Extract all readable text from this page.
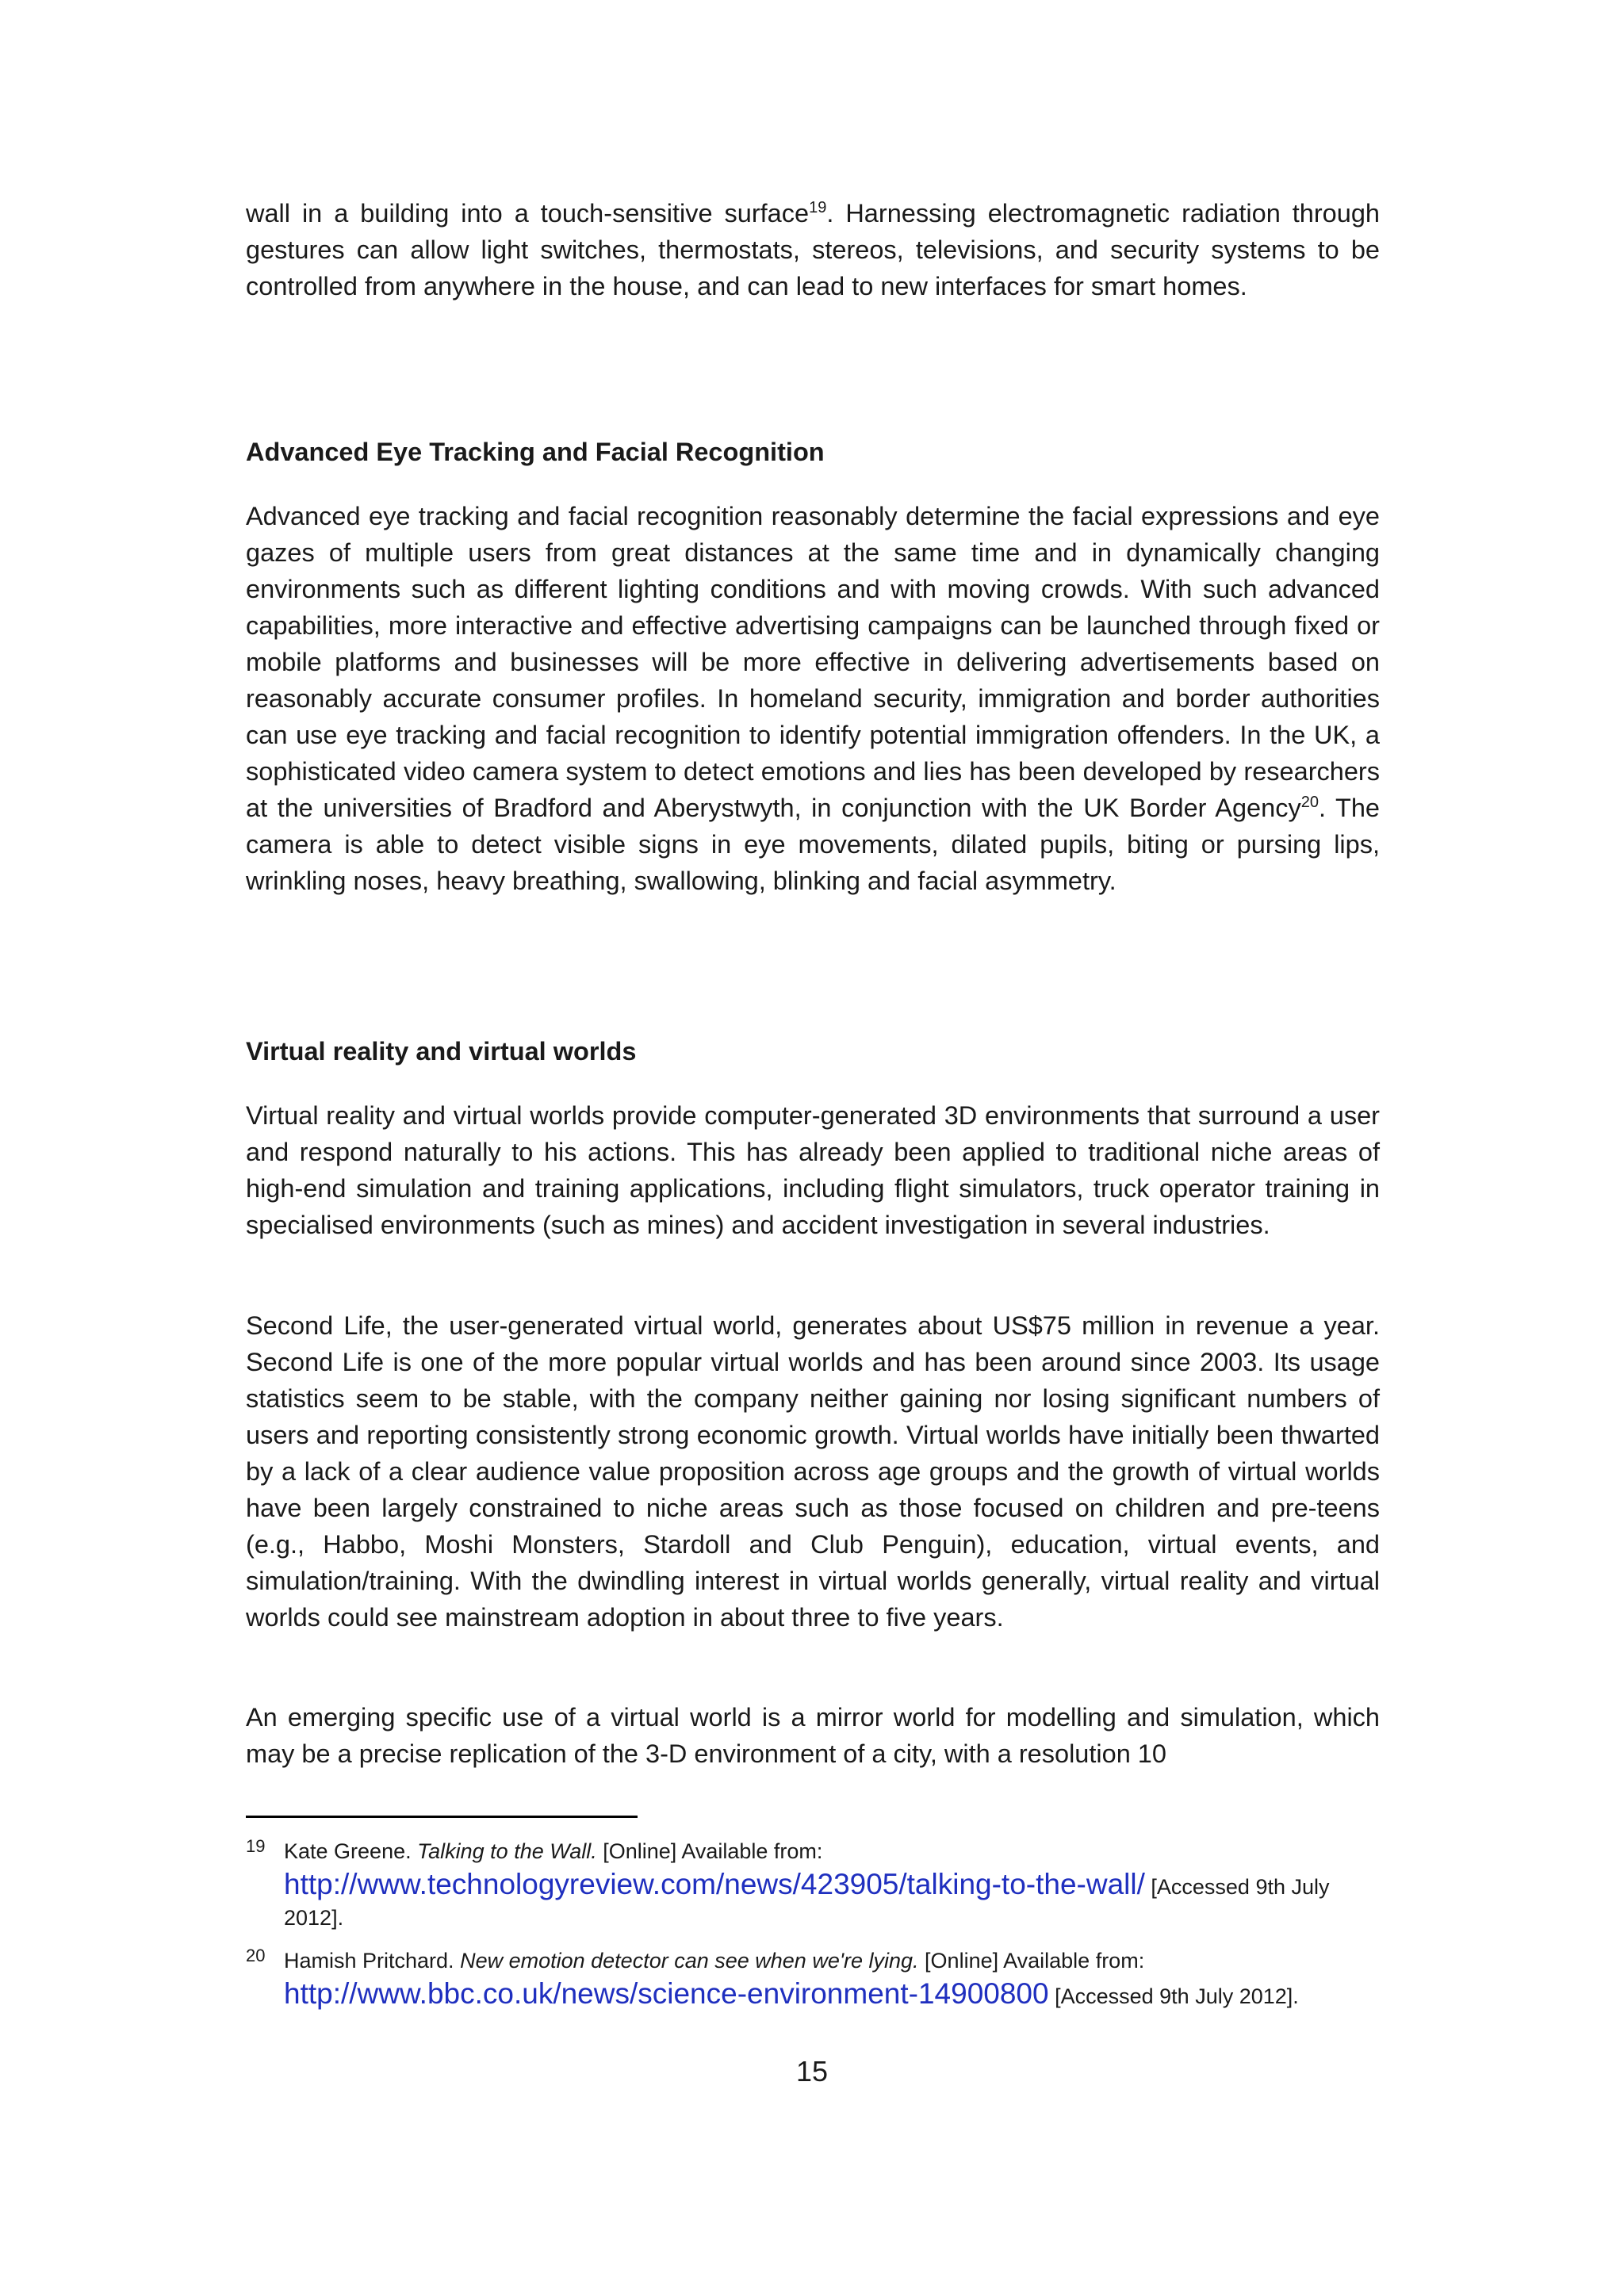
wall in a building into a touch-sensitive surface$^{19}$. Harnessing electromagnetic radiation through gestures can allow light switches, thermostats, stereos, televisions, and security systems to be controlled from anywhere in the house, and can lead to new interfaces for smart homes.

Advanced Eye Tracking and Facial Recognition

Advanced eye tracking and facial recognition reasonably determine the facial expressions and eye gazes of multiple users from great distances at the same time and in dynamically changing environments such as different lighting conditions and with moving crowds. With such advanced capabilities, more interactive and effective advertising campaigns can be launched through fixed or mobile platforms and businesses will be more effective in delivering advertisements based on reasonably accurate consumer profiles. In homeland security, immigration and border authorities can use eye tracking and facial recognition to identify potential immigration offenders. In the UK, a sophisticated video camera system to detect emotions and lies has been developed by researchers at the universities of Bradford and Aberystwyth, in conjunction with the UK Border Agency$^{20}$. The camera is able to detect visible signs in eye movements, dilated pupils, biting or pursing lips, wrinkling noses, heavy breathing, swallowing, blinking and facial asymmetry.

Virtual reality and virtual worlds

Virtual reality and virtual worlds provide computer-generated 3D environments that surround a user and respond naturally to his actions. This has already been applied to traditional niche areas of high-end simulation and training applications, including flight simulators, truck operator training in specialised environments (such as mines) and accident investigation in several industries.

Second Life, the user-generated virtual world, generates about US$75 million in revenue a year. Second Life is one of the more popular virtual worlds and has been around since 2003. Its usage statistics seem to be stable, with the company neither gaining nor losing significant numbers of users and reporting consistently strong economic growth. Virtual worlds have initially been thwarted by a lack of a clear audience value proposition across age groups and the growth of virtual worlds have been largely constrained to niche areas such as those focused on children and pre-teens (e.g., Habbo, Moshi Monsters, Stardoll and Club Penguin), education, virtual events, and simulation/training. With the dwindling interest in virtual worlds generally, virtual reality and virtual worlds could see mainstream adoption in about three to five years.

An emerging specific use of a virtual world is a mirror world for modelling and simulation, which may be a precise replication of the 3-D environment of a city, with a resolution 10

19 Kate Greene. Talking to the Wall. [Online] Available from:
http://www.technologyreview.com/news/423905/talking-to-the-wall/ [Accessed 9th July 2012].
20 Hamish Pritchard. New emotion detector can see when we're lying. [Online] Available from:
http://www.bbc.co.uk/news/science-environment-14900800 [Accessed 9th July 2012].

15
